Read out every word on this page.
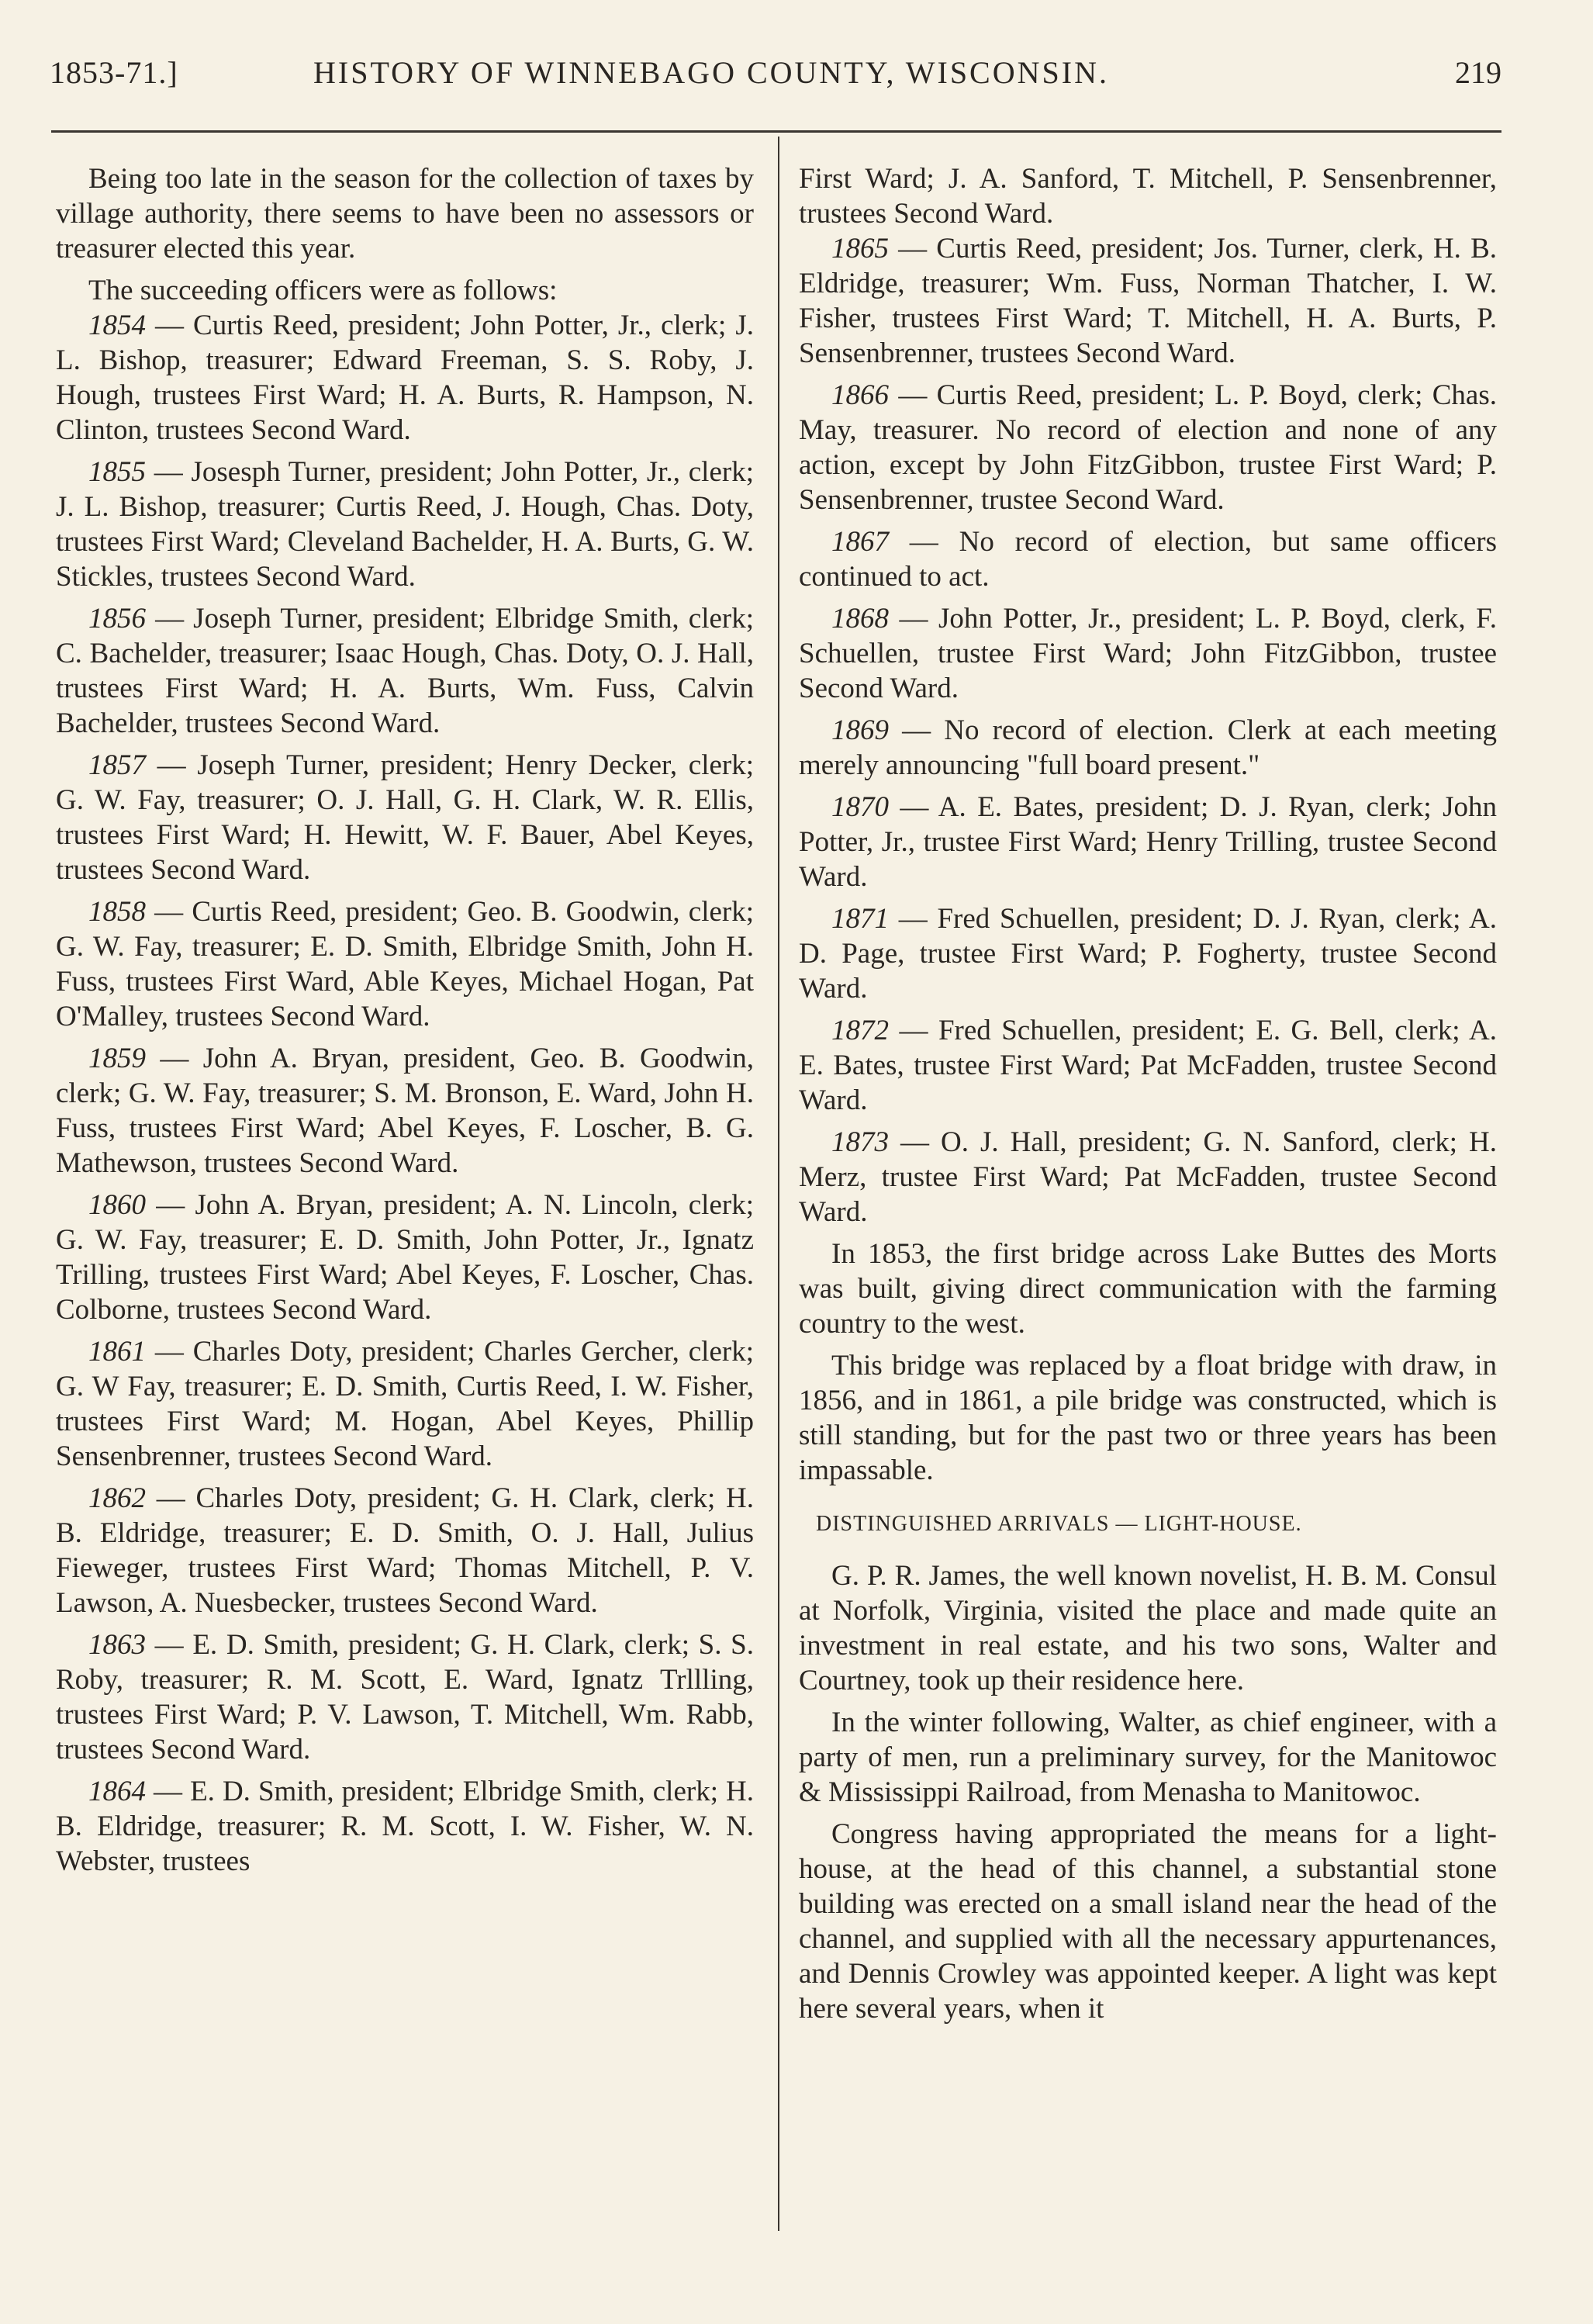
1853-71.]	HISTORY OF WINNEBAGO COUNTY, WISCONSIN.	219

Being too late in the season for the collection of taxes by village authority, there seems to have been no assessors or treasurer elected this year.

The succeeding officers were as follows:

1854 — Curtis Reed, president; John Potter, Jr., clerk; J. L. Bishop, treasurer; Edward Freeman, S. S. Roby, J. Hough, trustees First Ward; H. A. Burts, R. Hampson, N. Clinton, trustees Second Ward.

1855 — Josesph Turner, president; John Potter, Jr., clerk; J. L. Bishop, treasurer; Curtis Reed, J. Hough, Chas. Doty, trustees First Ward; Cleveland Bachelder, H. A. Burts, G. W. Stickles, trustees Second Ward.

1856 — Joseph Turner, president; Elbridge Smith, clerk; C. Bachelder, treasurer; Isaac Hough, Chas. Doty, O. J. Hall, trustees First Ward; H. A. Burts, Wm. Fuss, Calvin Bachelder, trustees Second Ward.

1857 — Joseph Turner, president; Henry Decker, clerk; G. W. Fay, treasurer; O. J. Hall, G. H. Clark, W. R. Ellis, trustees First Ward; H. Hewitt, W. F. Bauer, Abel Keyes, trustees Second Ward.

1858 — Curtis Reed, president; Geo. B. Goodwin, clerk; G. W. Fay, treasurer; E. D. Smith, Elbridge Smith, John H. Fuss, trustees First Ward, Able Keyes, Michael Hogan, Pat O'Malley, trustees Second Ward.

1859 — John A. Bryan, president, Geo. B. Goodwin, clerk; G. W. Fay, treasurer; S. M. Bronson, E. Ward, John H. Fuss, trustees First Ward; Abel Keyes, F. Loscher, B. G. Mathewson, trustees Second Ward.

1860 — John A. Bryan, president; A. N. Lincoln, clerk; G. W. Fay, treasurer; E. D. Smith, John Potter, Jr., Ignatz Trilling, trustees First Ward; Abel Keyes, F. Loscher, Chas. Colborne, trustees Second Ward.

1861 — Charles Doty, president; Charles Gercher, clerk; G. W Fay, treasurer; E. D. Smith, Curtis Reed, I. W. Fisher, trustees First Ward; M. Hogan, Abel Keyes, Phillip Sensenbrenner, trustees Second Ward.

1862 — Charles Doty, president; G. H. Clark, clerk; H. B. Eldridge, treasurer; E. D. Smith, O. J. Hall, Julius Fieweger, trustees First Ward; Thomas Mitchell, P. V. Lawson, A. Nuesbecker, trustees Second Ward.

1863 — E. D. Smith, president; G. H. Clark, clerk; S. S. Roby, treasurer; R. M. Scott, E. Ward, Ignatz Trllling, trustees First Ward; P. V. Lawson, T. Mitchell, Wm. Rabb, trustees Second Ward.

1864 — E. D. Smith, president; Elbridge Smith, clerk; H. B. Eldridge, treasurer; R. M. Scott, I. W. Fisher, W. N. Webster, trustees

First Ward; J. A. Sanford, T. Mitchell, P. Sensenbrenner, trustees Second Ward.

1865 — Curtis Reed, president; Jos. Turner, clerk, H. B. Eldridge, treasurer; Wm. Fuss, Norman Thatcher, I. W. Fisher, trustees First Ward; T. Mitchell, H. A. Burts, P. Sensenbrenner, trustees Second Ward.

1866 — Curtis Reed, president; L. P. Boyd, clerk; Chas. May, treasurer. No record of election and none of any action, except by John FitzGibbon, trustee First Ward; P. Sensenbrenner, trustee Second Ward.

1867 — No record of election, but same officers continued to act.

1868 — John Potter, Jr., president; L. P. Boyd, clerk, F. Schuellen, trustee First Ward; John FitzGibbon, trustee Second Ward.

1869 — No record of election. Clerk at each meeting merely announcing "full board present."

1870 — A. E. Bates, president; D. J. Ryan, clerk; John Potter, Jr., trustee First Ward; Henry Trilling, trustee Second Ward.

1871 — Fred Schuellen, president; D. J. Ryan, clerk; A. D. Page, trustee First Ward; P. Fogherty, trustee Second Ward.

1872 — Fred Schuellen, president; E. G. Bell, clerk; A. E. Bates, trustee First Ward; Pat McFadden, trustee Second Ward.

1873 — O. J. Hall, president; G. N. Sanford, clerk; H. Merz, trustee First Ward; Pat McFadden, trustee Second Ward.

In 1853, the first bridge across Lake Buttes des Morts was built, giving direct communication with the farming country to the west.

This bridge was replaced by a float bridge with draw, in 1856, and in 1861, a pile bridge was constructed, which is still standing, but for the past two or three years has been impassable.

DISTINGUISHED ARRIVALS — LIGHT-HOUSE.

G. P. R. James, the well known novelist, H. B. M. Consul at Norfolk, Virginia, visited the place and made quite an investment in real estate, and his two sons, Walter and Courtney, took up their residence here.

In the winter following, Walter, as chief engineer, with a party of men, run a preliminary survey, for the Manitowoc & Mississippi Railroad, from Menasha to Manitowoc.

Congress having appropriated the means for a light-house, at the head of this channel, a substantial stone building was erected on a small island near the head of the channel, and supplied with all the necessary appurtenances, and Dennis Crowley was appointed keeper. A light was kept here several years, when it
